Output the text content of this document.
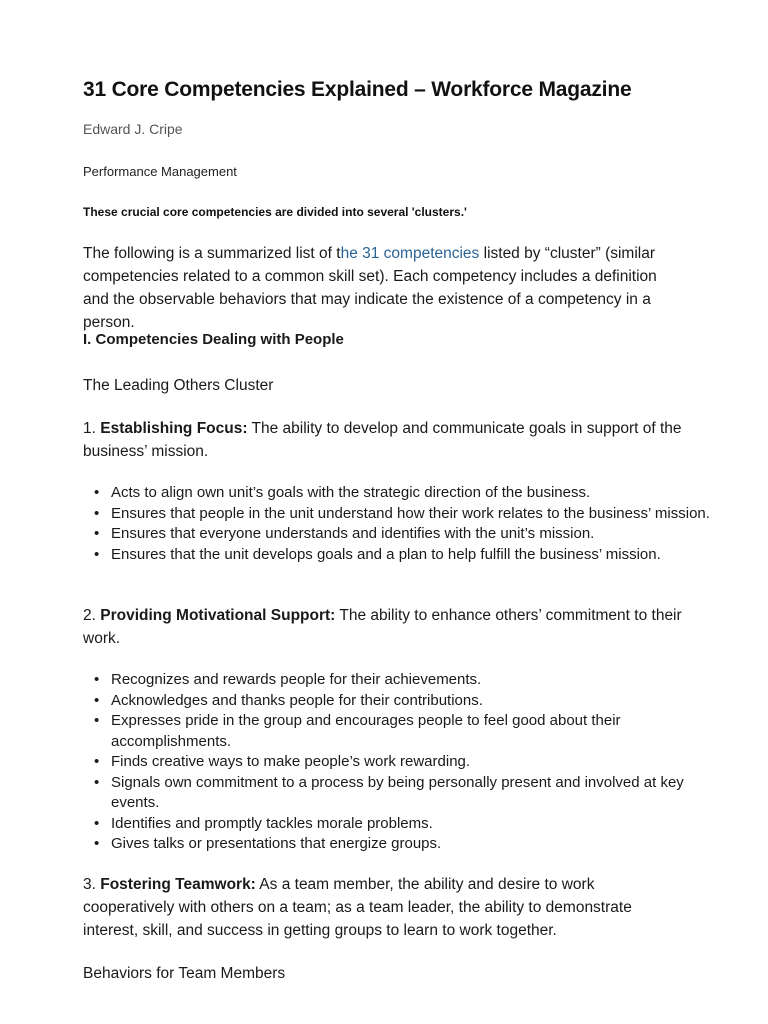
31 Core Competencies Explained – Workforce Magazine
Edward J. Cripe
Performance Management
These crucial core competencies are divided into several 'clusters.'

The following is a summarized list of the 31 competencies listed by “cluster” (similar competencies related to a common skill set). Each competency includes a definition and the observable behaviors that may indicate the existence of a competency in a person.

I. Competencies Dealing with People

The Leading Others Cluster

1. Establishing Focus: The ability to develop and communicate goals in support of the business’ mission.

• Acts to align own unit’s goals with the strategic direction of the business.
• Ensures that people in the unit understand how their work relates to the business’ mission.
• Ensures that everyone understands and identifies with the unit’s mission.
• Ensures that the unit develops goals and a plan to help fulfill the business’ mission.

2. Providing Motivational Support: The ability to enhance others’ commitment to their work.

• Recognizes and rewards people for their achievements.
• Acknowledges and thanks people for their contributions.
• Expresses pride in the group and encourages people to feel good about their accomplishments.
• Finds creative ways to make people’s work rewarding.
• Signals own commitment to a process by being personally present and involved at key events.
• Identifies and promptly tackles morale problems.
• Gives talks or presentations that energize groups.

3. Fostering Teamwork: As a team member, the ability and desire to work cooperatively with others on a team; as a team leader, the ability to demonstrate interest, skill, and success in getting groups to learn to work together.

Behaviors for Team Members
